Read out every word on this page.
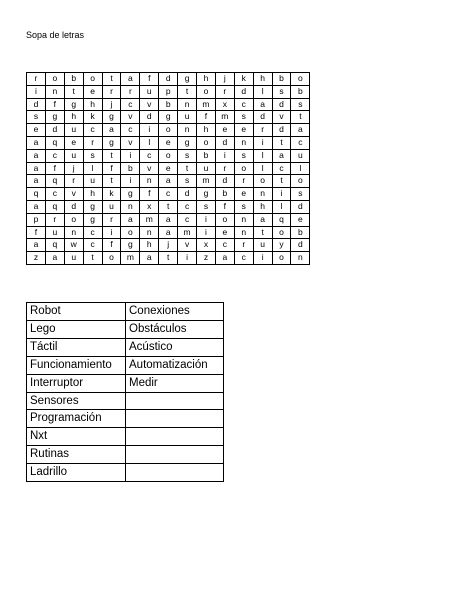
Sopa de letras
r	o	b	o	t	a	f	d	g	h	j	k	h	b	o
i	n	t	e	r	r	u	p	t	o	r	d	l	s	b
d	f	g	h	j	c	v	b	n	m	x	c	a	d	s
s	g	h	k	g	v	d	g	u	f	m	s	d	v	t
e	d	u	c	a	c	i	o	n	h	e	e	r	d	a
a	q	e	r	g	v	l	e	g	o	d	n	i	t	c
a	c	u	s	t	i	c	o	s	b	i	s	l	a	u
a	f	j	l	f	b	v	e	t	u	r	o	l	c	l
a	q	r	u	t	i	n	a	s	m	d	r	o	t	o
q	c	v	h	k	g	f	c	d	g	b	e	n	i	s
a	q	d	g	u	n	x	t	c	s	f	s	h	l	d
p	r	o	g	r	a	m	a	c	i	o	n	a	q	e
f	u	n	c	i	o	n	a	m	i	e	n	t	o	b
a	q	w	c	f	g	h	j	v	x	c	r	u	y	d
z	a	u	t	o	m	a	t	i	z	a	c	i	o	n
Robot	Conexiones
Lego	Obstáculos
Táctil	Acústico
Funcionamiento	Automatización
Interruptor	Medir
Sensores	
Programación	
Nxt	
Rutinas	
Ladrillo	
